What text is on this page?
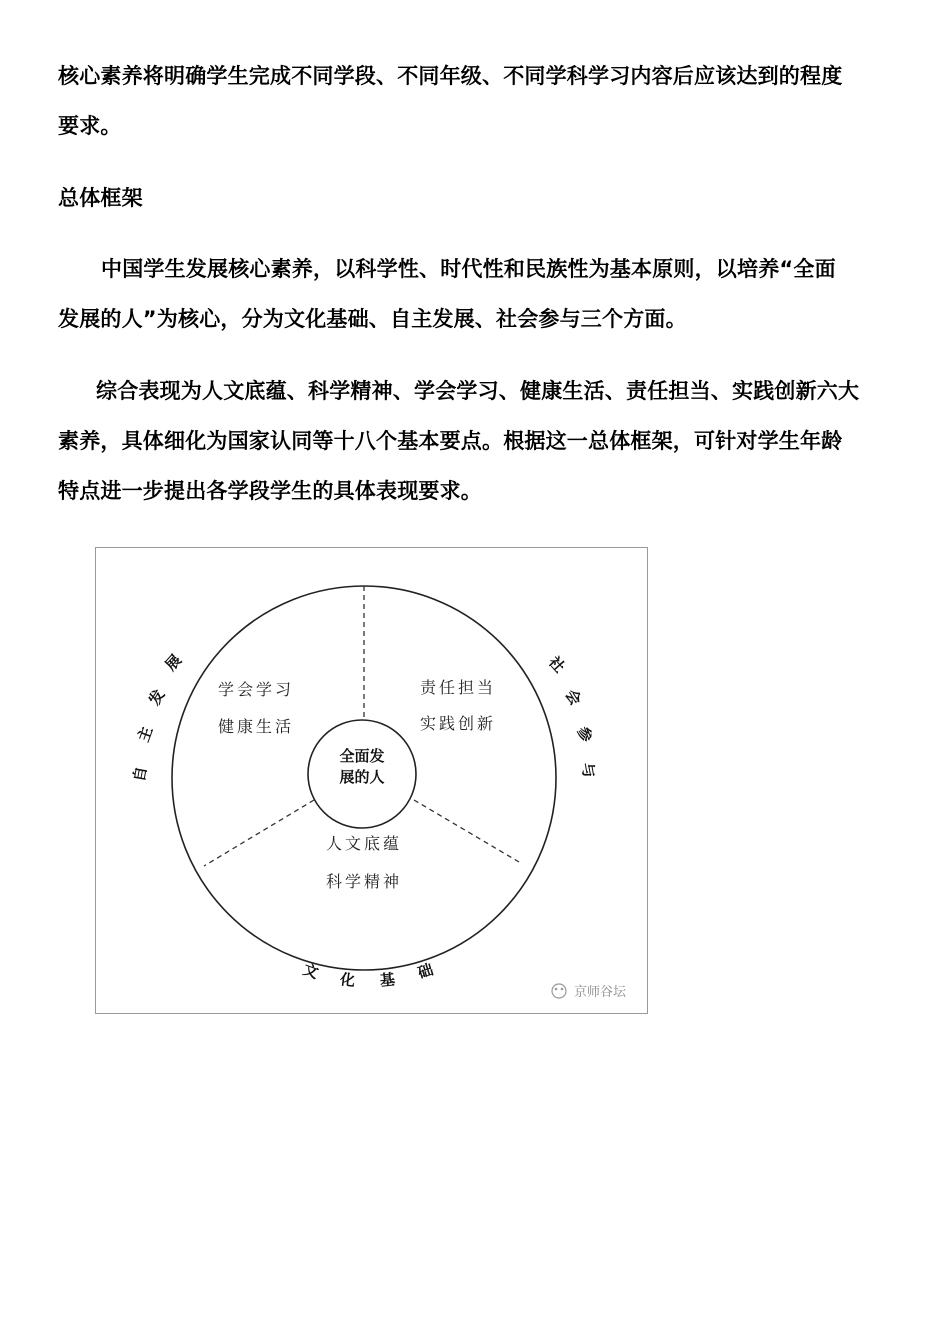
核心素养将明确学生完成不同学段、不同年级、不同学科学习内容后应该达到的程度
要求。
总体框架
中国学生发展核心素养，以科学性、时代性和民族性为基本原则，以培养“全面
发展的人”为核心，分为文化基础、自主发展、社会参与三个方面。
综合表现为人文底蕴、科学精神、学会学习、健康生活、责任担当、实践创新六大
素养，具体细化为国家认同等十八个基本要点。根据这一总体框架，可针对学生年龄
特点进一步提出各学段学生的具体表现要求。
全面发
展的人
学会学习
健康生活
责任担当
实践创新
人文底蕴
科学精神
自
主
发
展	社
会
参
与
文 化 基 础
京师谷坛
